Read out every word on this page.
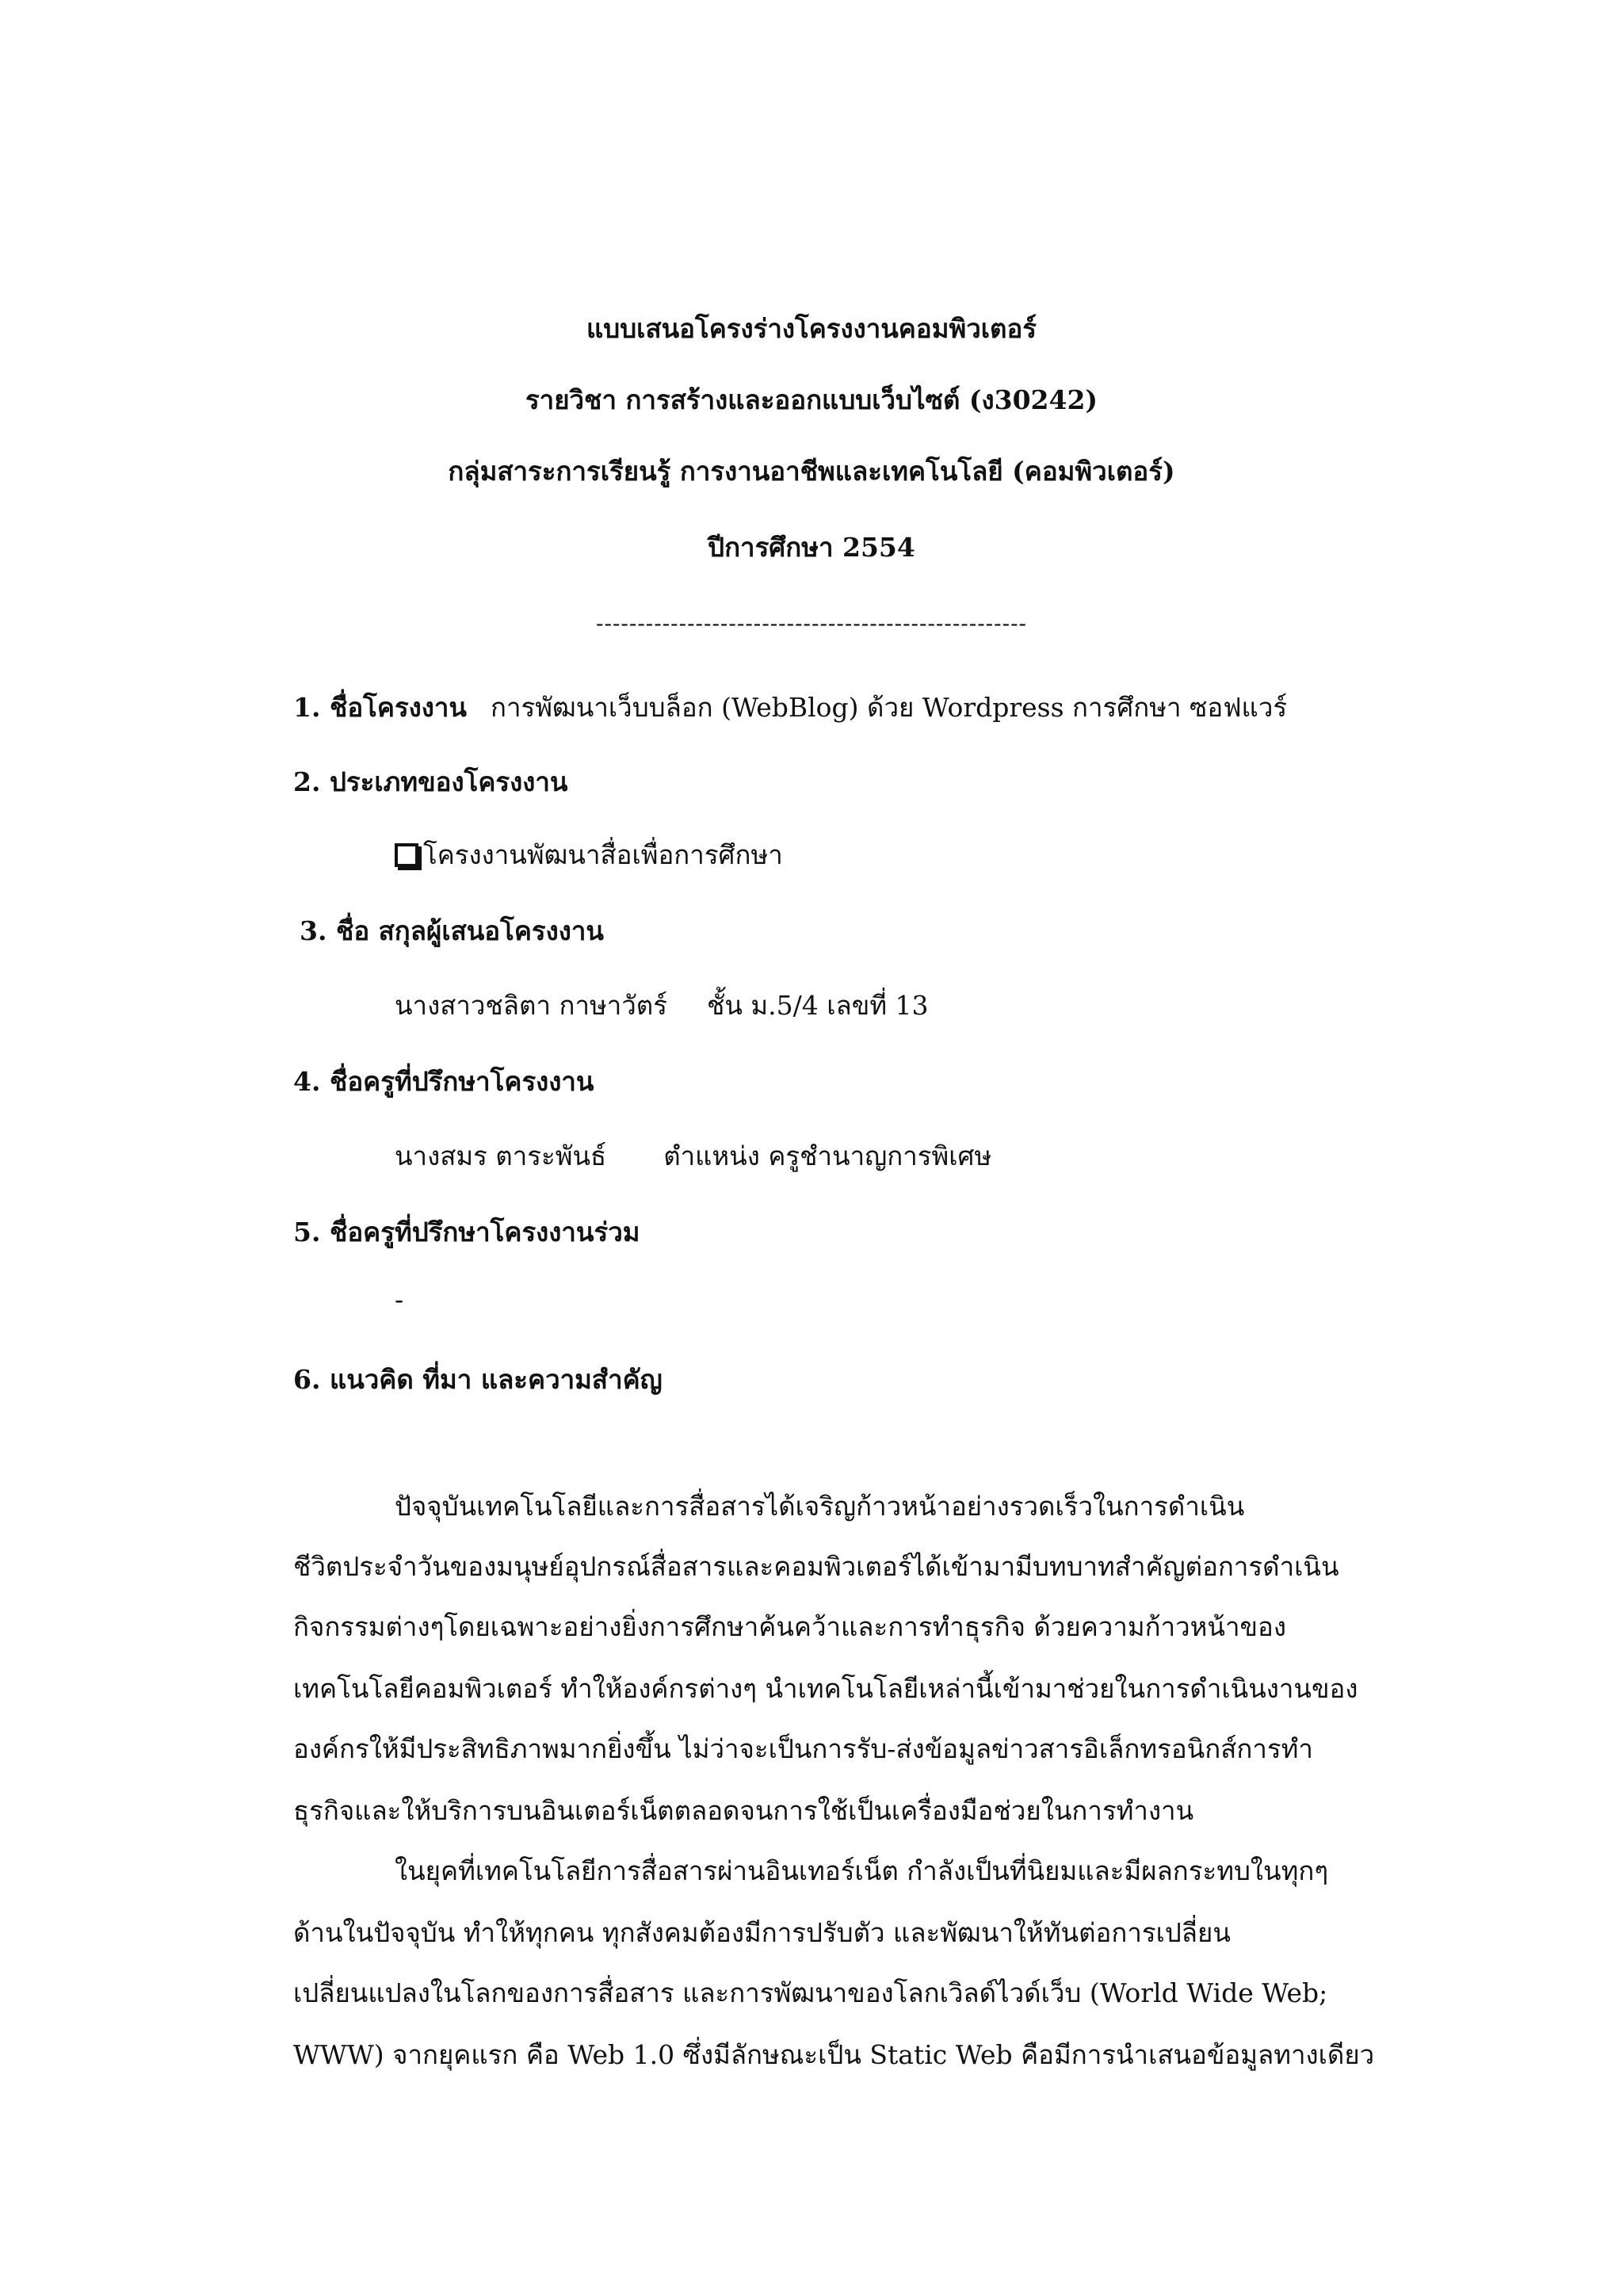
แบบเสนอโครงร่างโครงงานคอมพิวเตอร์
รายวิชา การสร้างและออกแบบเว็บไซต์ (ง30242)
กลุ่มสาระการเรียนรู้ การงานอาชีพและเทคโนโลยี (คอมพิวเตอร์)
ปีการศึกษา 2554
----------------------------------------------------
1. ชื่อโครงงาน การพัฒนาเว็บบล็อก (WebBlog) ด้วย Wordpress การศึกษา ซอฟแวร์
2. ประเภทของโครงงาน
โครงงานพัฒนาสื่อเพื่อการศึกษา
3. ชื่อ สกุลผู้เสนอโครงงาน
นางสาวชลิตา กาษาวัตร์ ชั้น ม.5/4 เลขที่ 13
4. ชื่อครูที่ปรึกษาโครงงาน
นางสมร ตาระพันธ์ ตำแหน่ง ครูชำนาญการพิเศษ
5. ชื่อครูที่ปรึกษาโครงงานร่วม
-
6. แนวคิด ที่มา และความสำคัญ
ปัจจุบันเทคโนโลยีและการสื่อสารได้เจริญก้าวหน้าอย่างรวดเร็วในการดำเนิน
ชีวิตประจำวันของมนุษย์อุปกรณ์สื่อสารและคอมพิวเตอร์ได้เข้ามามีบทบาทสำคัญต่อการดำเนิน
กิจกรรมต่างๆโดยเฉพาะอย่างยิ่งการศึกษาค้นคว้าและการทำธุรกิจ ด้วยความก้าวหน้าของ
เทคโนโลยีคอมพิวเตอร์ ทำให้องค์กรต่างๆ นำเทคโนโลยีเหล่านี้เข้ามาช่วยในการดำเนินงานของ
องค์กรให้มีประสิทธิภาพมากยิ่งขึ้น ไม่ว่าจะเป็นการรับ-ส่งข้อมูลข่าวสารอิเล็กทรอนิกส์การทำ
ธุรกิจและให้บริการบนอินเตอร์เน็ตตลอดจนการใช้เป็นเครื่องมือช่วยในการทำงาน
ในยุคที่เทคโนโลยีการสื่อสารผ่านอินเทอร์เน็ต กำลังเป็นที่นิยมและมีผลกระทบในทุกๆ
ด้านในปัจจุบัน ทำให้ทุกคน ทุกสังคมต้องมีการปรับตัว และพัฒนาให้ทันต่อการเปลี่ยน
เปลี่ยนแปลงในโลกของการสื่อสาร และการพัฒนาของโลกเวิลด์ไวด์เว็บ (World Wide Web;
WWW) จากยุคแรก คือ Web 1.0 ซึ่งมีลักษณะเป็น Static Web คือมีการนำเสนอข้อมูลทางเดียว
